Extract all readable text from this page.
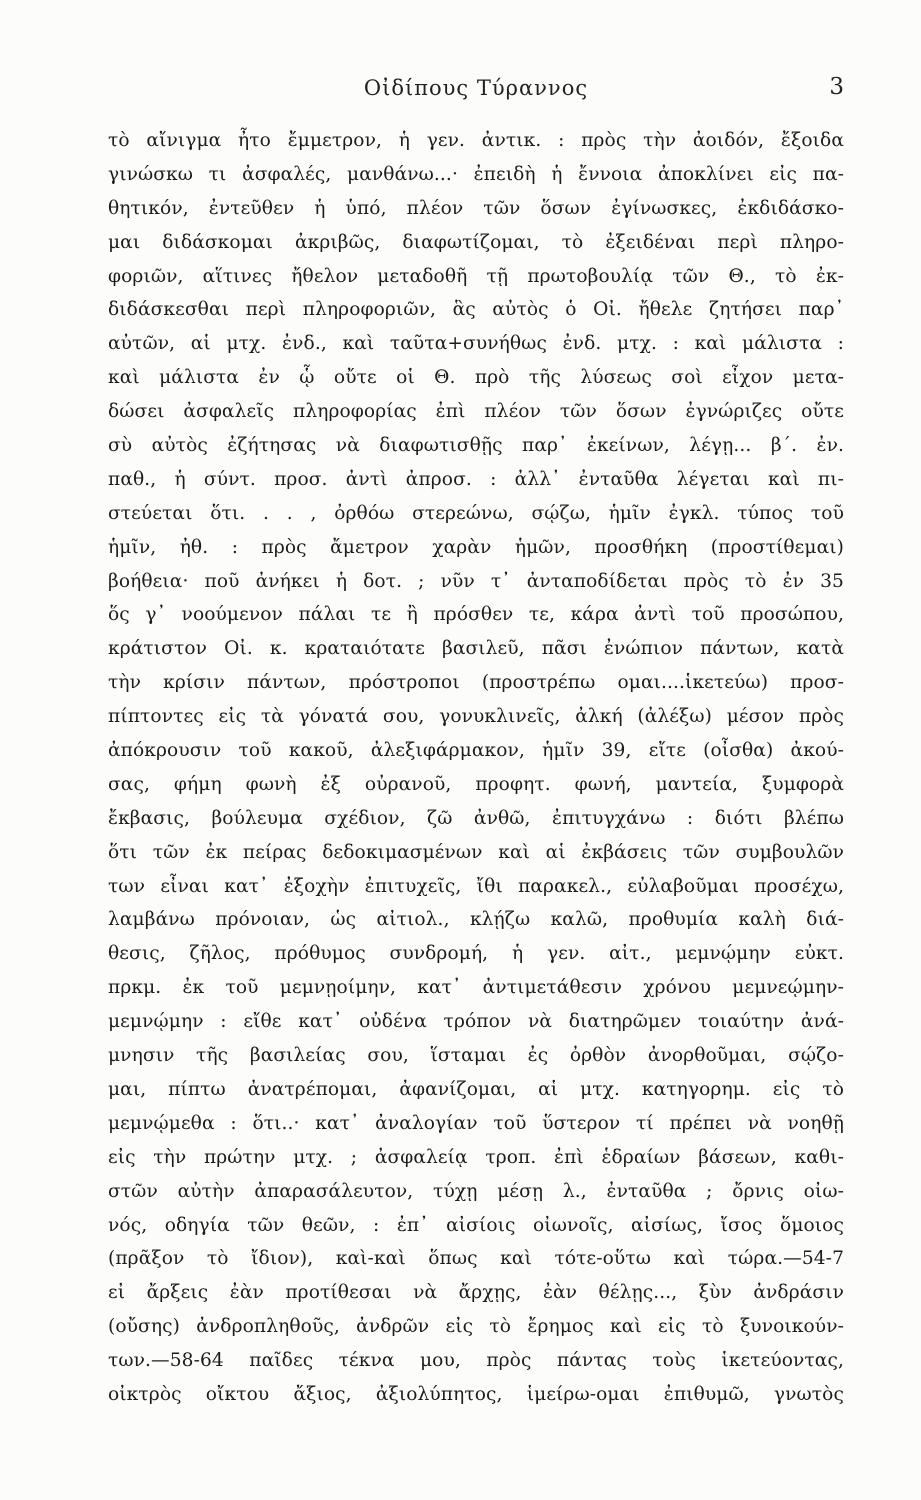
Οἰδίπους Τύραννος	3
τὸ αἴνιγμα ἦτο ἔμμετρον, ἡ γεν. ἀντικ. : πρὸς τὴν ἀοιδόν, ἔξοιδα
γινώσκω τι ἀσφαλές, μανθάνω...· ἐπειδὴ ἡ ἔννοια ἀποκλίνει εἰς πα-
θητικόν, ἐντεῦθεν ἡ ὑπό, πλέον τῶν ὅσων ἐγίνωσκες, ἐκδιδάσκο-
μαι διδάσκομαι ἀκριβῶς, διαφωτίζομαι, τὸ ἐξειδέναι περὶ πληρο-
φοριῶν, αἵτινες ἤθελον μεταδοθῆ τῇ πρωτοβουλίᾳ τῶν Θ., τὸ ἐκ-
διδάσκεσθαι περὶ πληροφοριῶν, ἃς αὐτὸς ὁ Οἰ. ἤθελε ζητήσει παρ᾽
αὐτῶν, αἱ μτχ. ἐνδ., καὶ ταῦτα+συνήθως ἐνδ. μτχ. : καὶ μάλιστα :
καὶ μάλιστα ἐν ᾧ οὔτε οἱ Θ. πρὸ τῆς λύσεως σοὶ εἶχον μετα-
δώσει ἀσφαλεῖς πληροφορίας ἐπὶ πλέον τῶν ὅσων ἐγνώριζες οὔτε
σὺ αὐτὸς ἐζήτησας νὰ διαφωτισθῇς παρ᾽ ἐκείνων, λέγῃ... β΄. ἐν.
παθ., ἡ σύντ. προσ. ἀντὶ ἀπροσ. : ἀλλ᾽ ἐνταῦθα λέγεται καὶ πι-
στεύεται ὅτι. . . , ὀρθόω στερεώνω, σῴζω, ἡμῖν ἐγκλ. τύπος τοῦ
ἡμῖν, ἠθ. : πρὸς ἄμετρον χαρὰν ἡμῶν, προσθήκη (προστίθεμαι)
βοήθεια· ποῦ ἀνήκει ἡ δοτ. ; νῦν τ᾽ ἀνταποδίδεται πρὸς τὸ ἐν 35
ὅς γ᾽ νοούμενον πάλαι τε ἢ πρόσθεν τε, κάρα ἀντὶ τοῦ προσώπου,
κράτιστον Οἰ. κ. κραταιότατε βασιλεῦ, πᾶσι ἐνώπιον πάντων, κατὰ
τὴν κρίσιν πάντων, πρόστροποι (προστρέπω ομαι....ἱκετεύω) προσ-
πίπτοντες εἰς τὰ γόνατά σου, γονυκλινεῖς, ἀλκή (ἀλέξω) μέσον πρὸς
ἀπόκρουσιν τοῦ κακοῦ, ἀλεξιφάρμακον, ἡμῖν 39, εἴτε (οἶσθα) ἀκού-
σας, φήμη φωνὴ ἐξ οὐρανοῦ, προφητ. φωνή, μαντεία, ξυμφορὰ
ἔκβασις, βούλευμα σχέδιον, ζῶ ἀνθῶ, ἐπιτυγχάνω : διότι βλέπω
ὅτι τῶν ἐκ πείρας δεδοκιμασμένων καὶ αἱ ἐκβάσεις τῶν συμβουλῶν
των εἶναι κατ᾽ ἐξοχὴν ἐπιτυχεῖς, ἴθι παρακελ., εὐλαβοῦμαι προσέχω,
λαμβάνω πρόνοιαν, ὡς αἰτιολ., κλῄζω καλῶ, προθυμία καλὴ διά-
θεσις, ζῆλος, πρόθυμος συνδρομή, ἡ γεν. αἰτ., μεμνῴμην εὐκτ.
πρκμ. ἐκ τοῦ μεμνῃοίμην, κατ᾽ ἀντιμετάθεσιν χρόνου μεμνεῴμην-
μεμνῴμην : εἴθε κατ᾽ οὐδένα τρόπον νὰ διατηρῶμεν τοιαύτην ἀνά-
μνησιν τῆς βασιλείας σου, ἵσταμαι ἐς ὀρθὸν ἀνορθοῦμαι, σῴζο-
μαι, πίπτω ἀνατρέπομαι, ἀφανίζομαι, αἱ μτχ. κατηγορημ. εἰς τὸ
μεμνῴμεθα : ὅτι..· κατ᾽ ἀναλογίαν τοῦ ὕστερον τί πρέπει νὰ νοηθῇ
εἰς τὴν πρώτην μτχ. ; ἀσφαλείᾳ τροπ. ἐπὶ ἑδραίων βάσεων, καθι-
στῶν αὐτὴν ἀπαρασάλευτον, τύχῃ μέσῃ λ., ἐνταῦθα ; ὄρνις οἰω-
νός, οδηγία τῶν θεῶν, : ἐπ᾽ αἰσίοις οἰωνοῖς, αἰσίως, ἴσος ὅμοιος
(πρᾶξον τὸ ἴδιον), καὶ-καὶ ὅπως καὶ τότε-οὕτω καὶ τώρα.—54-7
εἰ ἄρξεις ἐὰν προτίθεσαι νὰ ἄρχῃς, ἐὰν θέλῃς..., ξὺν ἀνδράσιν
(οὔσης) ἀνδροπληθοῦς, ἀνδρῶν εἰς τὸ ἔρημος καὶ εἰς τὸ ξυνοικούν-
των.—58-64 παῖδες τέκνα μου, πρὸς πάντας τοὺς ἱκετεύοντας,
οἰκτρὸς οἴκτου ἄξιος, ἀξιολύπητος, ἱμείρω-ομαι ἐπιθυμῶ, γνωτὸς
